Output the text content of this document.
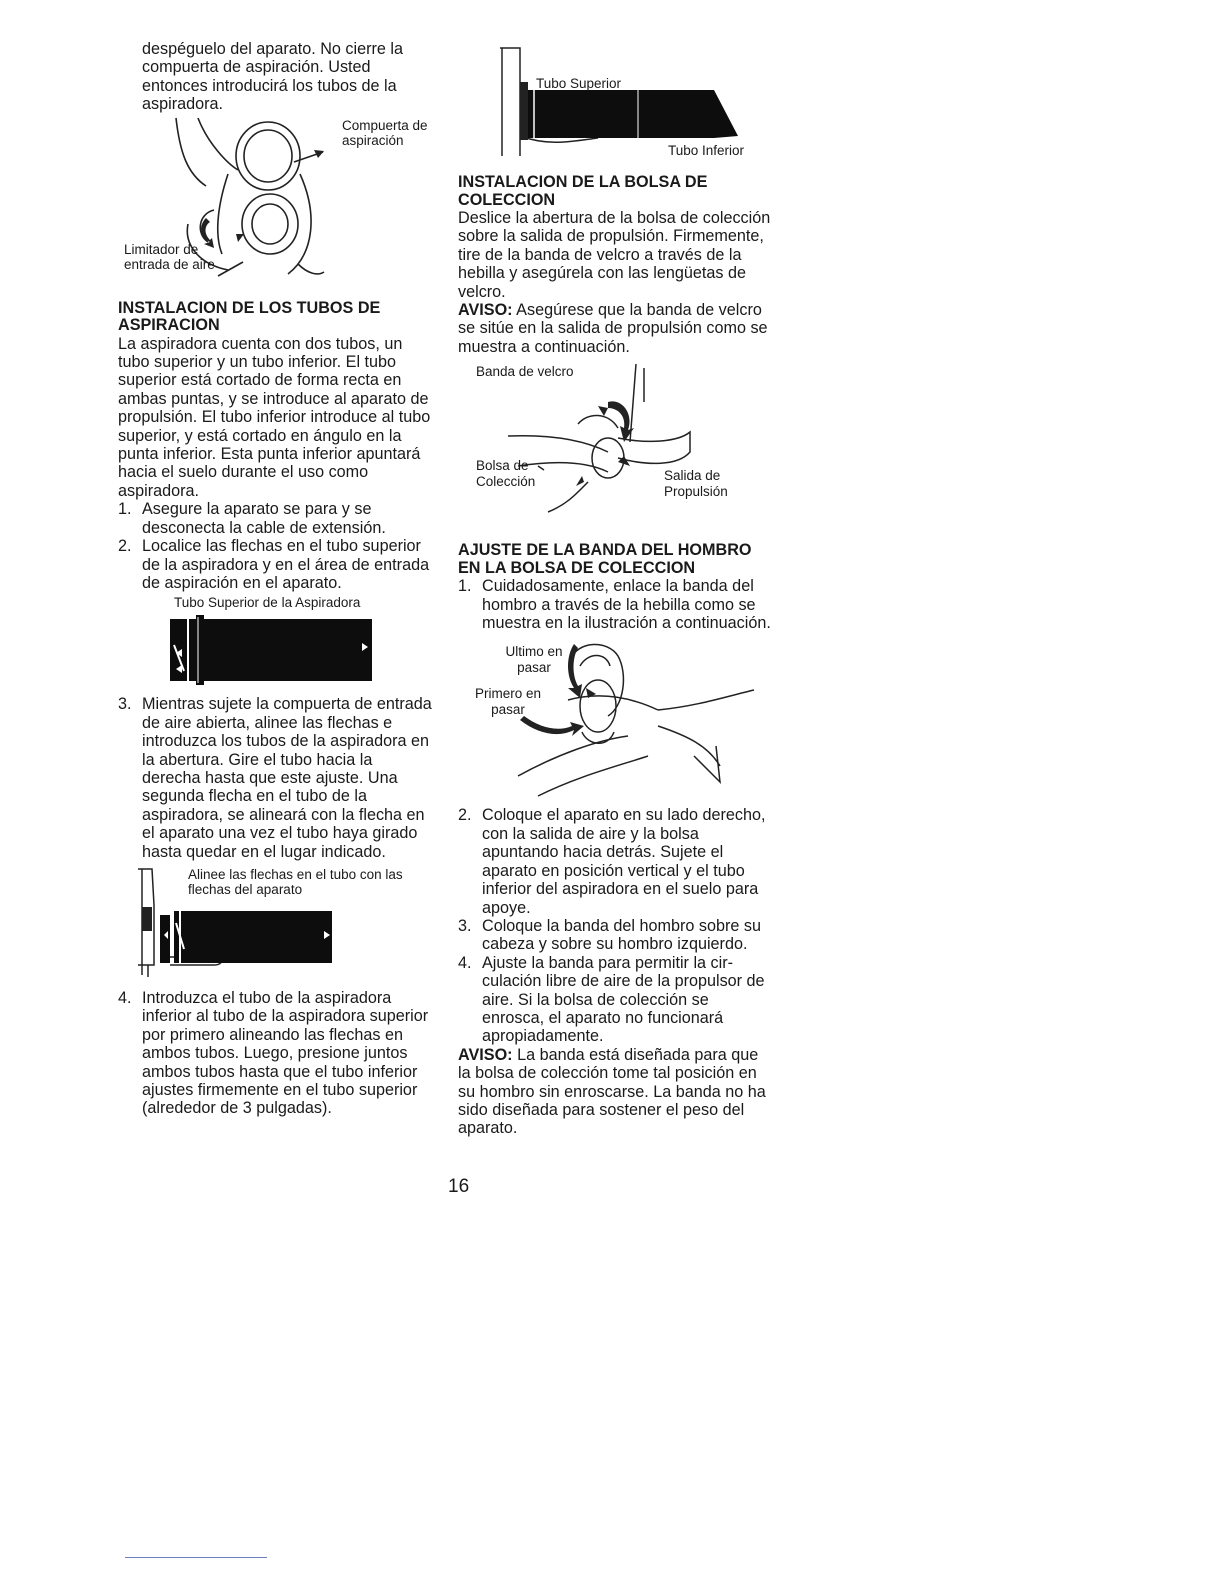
despéguelo del aparato. No cierre la compuerta de aspiración. Usted entonces introducirá los tubos de la aspiradora.

Compuerta de aspiración
Limitador de entrada de aire
INSTALACION DE LOS TUBOS DE ASPIRACION

La aspiradora cuenta con dos tubos, un tubo superior y un tubo inferior. El tubo superior está cortado de forma recta en ambas puntas, y se introduce al aparato de propulsión. El tubo inferior introduce al tubo superior, y está cortado en ángulo en la punta inferior. Esta punta inferior apuntará hacia el suelo durante el uso como aspiradora.

1. Asegure la aparato se para y se desconecta la cable de extensión.
2. Localice las flechas en el tubo superior de la aspiradora y en el área de entrada de aspiración en el aparato.
Tubo Superior de la Aspiradora
3. Mientras sujete la compuerta de entrada de aire abierta, alinee las flechas e introduzca los tubos de la aspiradora en la abertura. Gire el tubo hacia la derecha hasta que este ajuste. Una segunda flecha en el tubo de la aspiradora, se alineará con la flecha en el aparato una vez el tubo haya girado hasta quedar en el lugar indicado.
Alinee las flechas en el tubo con las flechas del aparato
4. Introduzca el tubo de la aspiradora inferior al tubo de la aspiradora superior por primero alineando las flechas en ambos tubos. Luego, presione juntos ambos tubos hasta que el tubo inferior ajustes firmemente en el tubo superior (alrededor de 3 pulgadas).
Tubo Superior
Tubo Inferior
INSTALACION DE LA BOLSA DE COLECCION

Deslice la abertura de la bolsa de colección sobre la salida de propulsión. Firmemente, tire de la banda de velcro a través de la hebilla y asegúrela con las lengüetas de velcro.

AVISO: Asegúrese que la banda de velcro se sitúe en la salida de propulsión como se muestra a continuación.

Banda de velcro
Bolsa de Colección	Salida de Propulsión
AJUSTE DE LA BANDA DEL HOMBRO EN LA BOLSA DE COLECCION
1. Cuidadosamente, enlace la banda del hombro a través de la hebilla como se muestra en la ilustración a continuación.
Ultimo en pasar
Primero en pasar
2. Coloque el aparato en su lado derecho, con la salida de aire y la bolsa apuntando hacia detrás. Sujete el aparato en posición vertical y el tubo inferior del aspiradora en el suelo para apoye.
3. Coloque la banda del hombro sobre su cabeza y sobre su hombro izquierdo.
4. Ajuste la banda para permitir la circulación libre de aire de la propulsor de aire. Si la bolsa de colección se enrosca, el aparato no funcionará apropiadamente.

AVISO: La banda está diseñada para que la bolsa de colección tome tal posición en su hombro sin enroscarse. La banda no ha sido diseñada para sostener el peso del aparato.

16
